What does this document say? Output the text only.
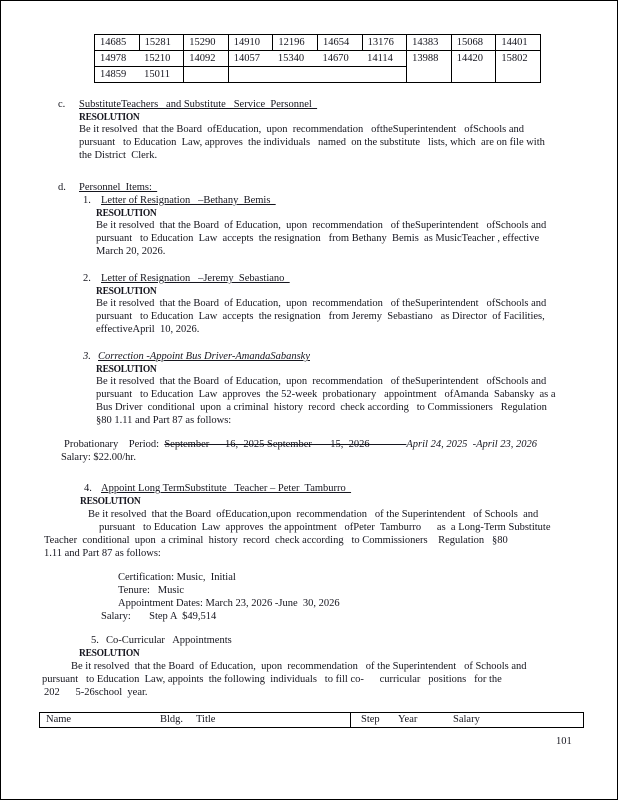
14685	15281	15290	14910	12196	14654	13176	14383	15068	14401
14978	15210	14092	14057	15340	14670	14114	13988	14420	15802
14859	15011								
c. SubstituteTeachers   and Substitute   Service  Personnel
RESOLUTION
Be it resolved  that the Board  ofEducation,  upon  recommendation   oftheSuperintendent   ofSchools and
pursuant   to Education  Law, approves  the individuals   named  on the substitute   lists, which  are on file with
the District  Clerk.
d. Personnel  Items:
1. Letter of Resignation   –Bethany  Bemis
RESOLUTION
Be it resolved  that the Board  of Education,  upon  recommendation   of theSuperintendent   ofSchools and
pursuant   to Education  Law  accepts  the resignation   from Bethany  Bemis  as MusicTeacher , effective
March 20, 2026.
2. Letter of Resignation   –Jeremy  Sebastiano
RESOLUTION
Be it resolved  that the Board  of Education,  upon  recommendation   of theSuperintendent   ofSchools and
pursuant   to Education  Law  accepts  the resignation   from Jeremy  Sebastiano   as Director  of Facilities,
effectiveApril  10, 2026.
3. Correction -Appoint Bus Driver-AmandaSabansky
RESOLUTION
Be it resolved  that the Board  of Education,  upon  recommendation   of theSuperintendent   ofSchools and
pursuant   to Education  Law  approves  the 52-week  probationary   appointment   ofAmanda  Sabansky  as a
Bus Driver  conditional  upon  a criminal  history  record  check according   to Commissioners   Regulation
§80 1.11 and Part 87 as follows:
Probationary    Period:  September      16,  2025 September       15,  2026              April 24, 2025  -April 23, 2026
Salary: $22.00/hr.
4. Appoint Long TermSubstitute   Teacher – Peter  Tamburro
RESOLUTION
Be it resolved  that the Board  ofEducation,upon  recommendation   of the Superintendent   of Schools  and
pursuant   to Education  Law  approves  the appointment   ofPeter  Tamburro      as  a Long-Term Substitute
Teacher  conditional  upon  a criminal  history  record  check according   to Commissioners    Regulation   §80
1.11 and Part 87 as follows:
Certification: Music,  Initial
Tenure:   Music
Appointment Dates: March 23, 2026 -June  30, 2026
Salary:       Step A  $49,514
5. Co-Curricular   Appointments
RESOLUTION
Be it resolved  that the Board  of Education,  upon  recommendation   of the Superintendent   of Schools and
pursuant   to Education  Law, appoints  the following  individuals   to fill co-      curricular   positions   for the
202      5-26school  year.
Name	Bldg. Title	Step Year	Salary
101
